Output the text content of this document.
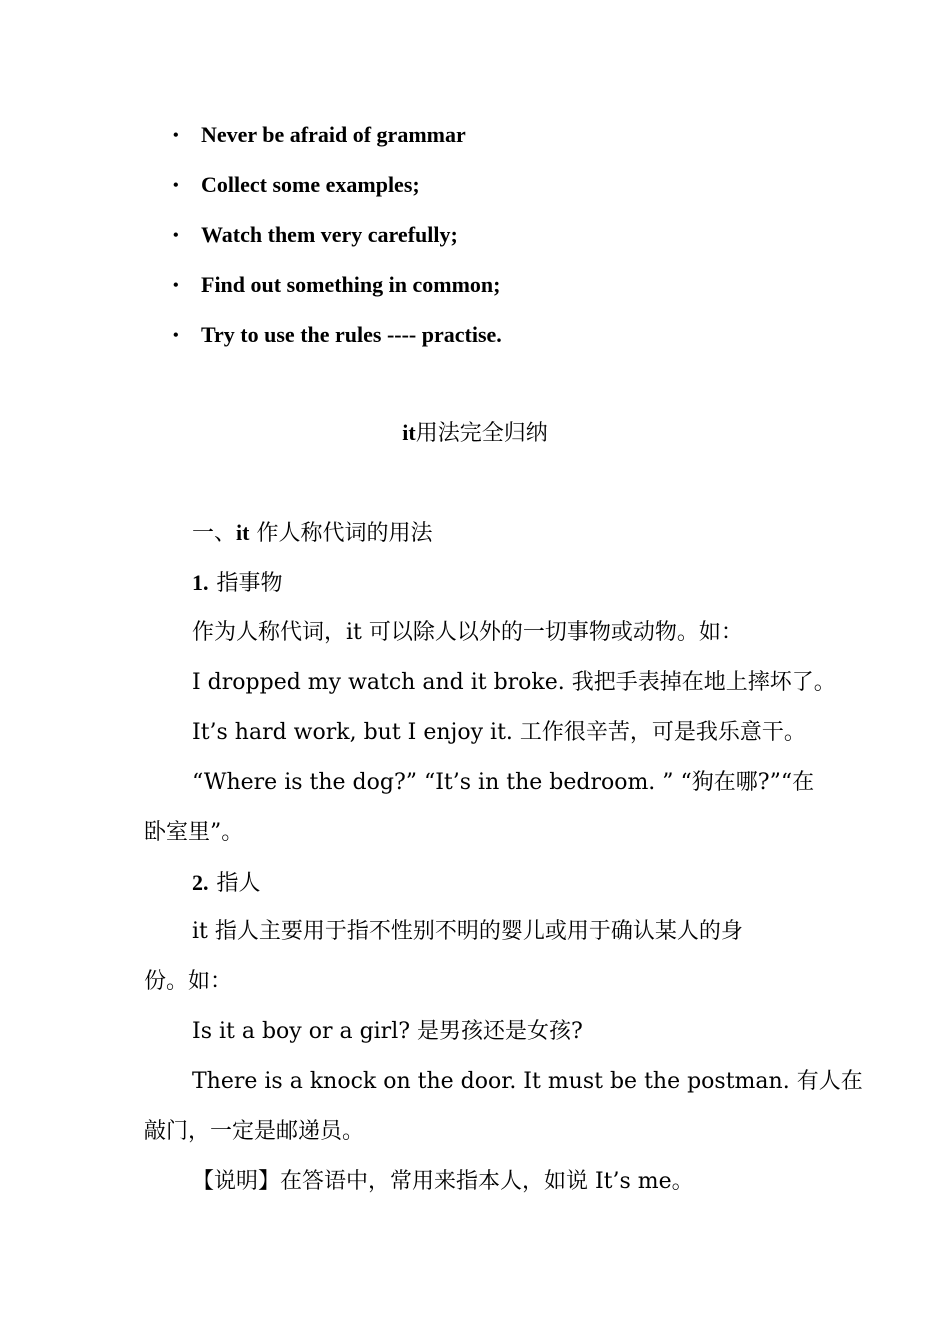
• Never be afraid of grammar
• Collect some examples;
• Watch them very carefully;
• Find out something in common;
• Try to use the rules ---- practise.
it用法完全归纳
一、it 作人称代词的用法
1. 指事物
作为人称代词，it 可以除人以外的一切事物或动物。如：
I dropped my watch and it broke. 我把手表掉在地上摔坏了。
It’s hard work, but I enjoy it. 工作很辛苦，可是我乐意干。
“Where is the dog?” “It’s in the bedroom. ” “狗在哪?”“在
卧室里”。
2. 指人
it 指人主要用于指不性别不明的婴儿或用于确认某人的身
份。如：
Is it a boy or a girl? 是男孩还是女孩?
There is a knock on the door. It must be the postman. 有人在
敲门，一定是邮递员。
【说明】在答语中，常用来指本人，如说 It’s me。
